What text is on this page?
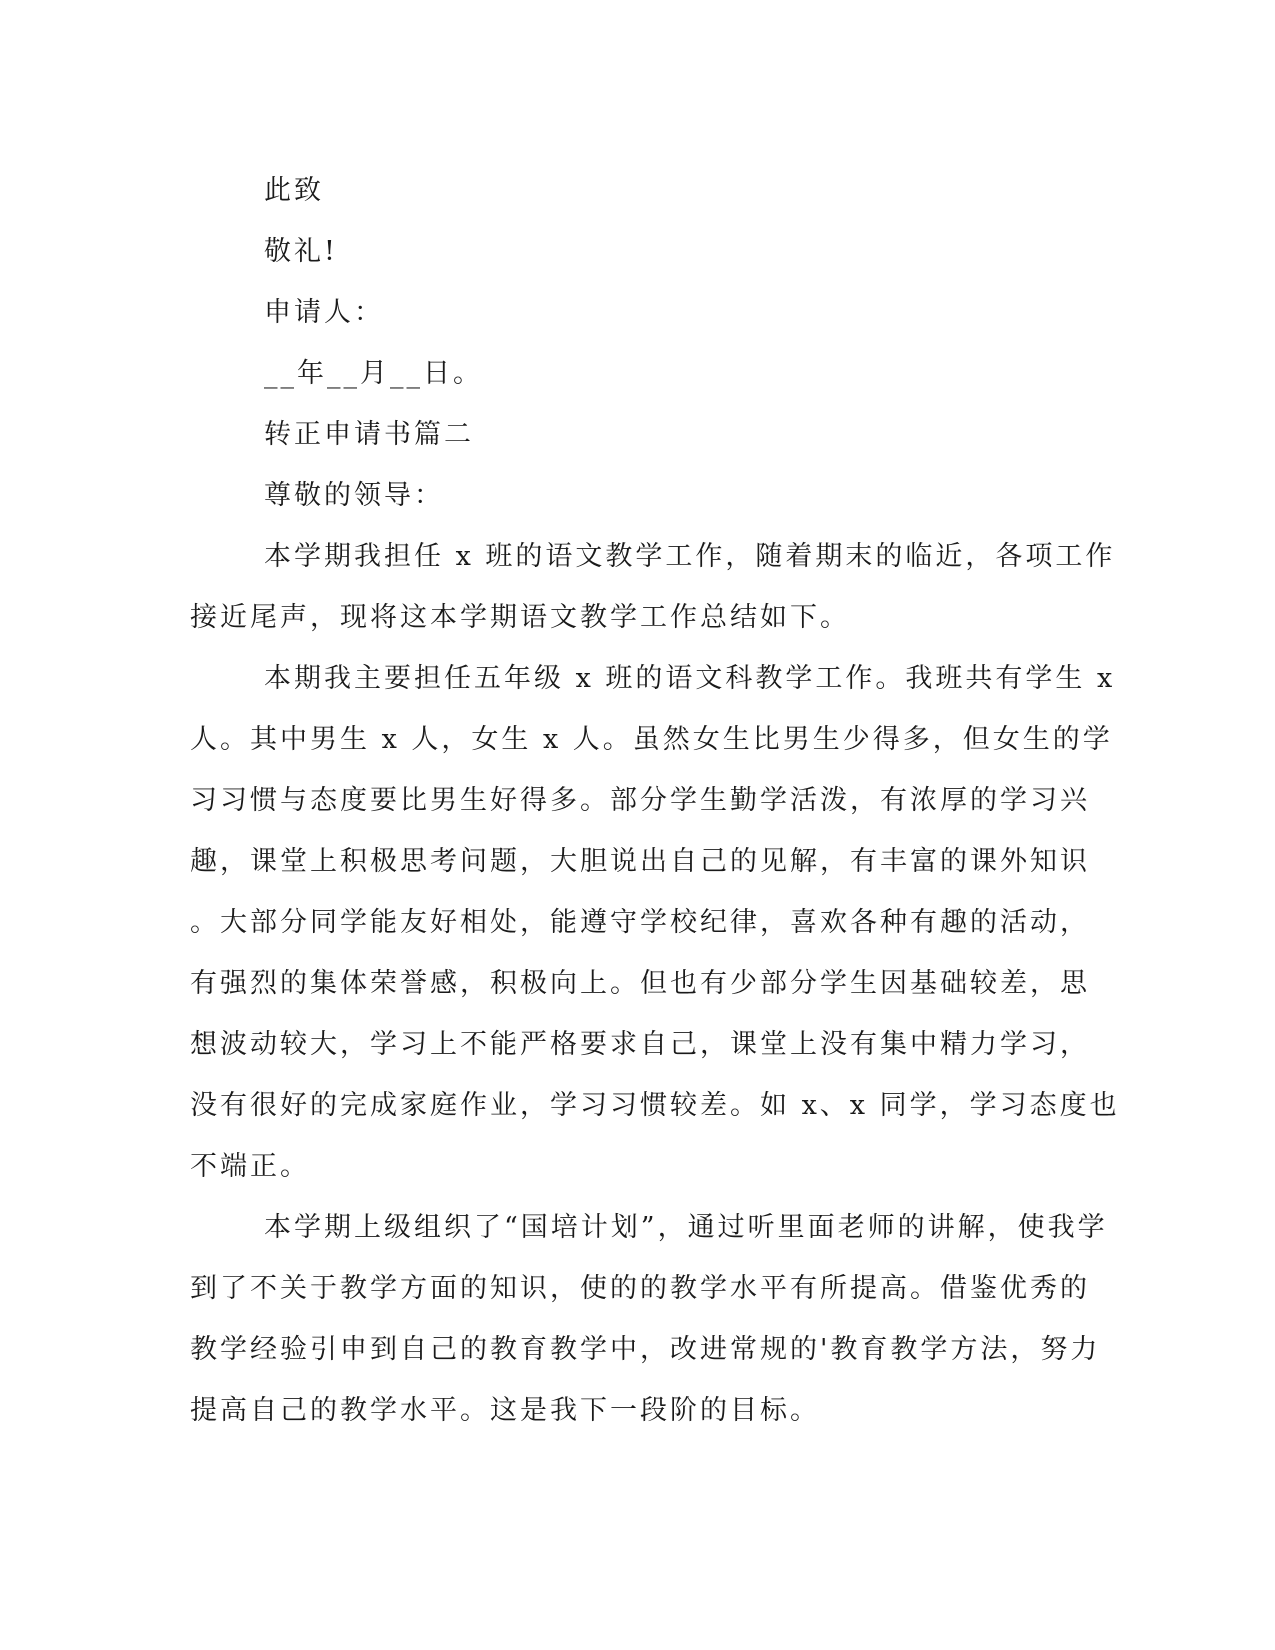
此致
敬礼!
申请人：
__年__月__日。
转正申请书篇二
尊敬的领导：
本学期我担任 x 班的语文教学工作，随着期末的临近，各项工作
接近尾声，现将这本学期语文教学工作总结如下。
本期我主要担任五年级 x 班的语文科教学工作。我班共有学生 x
人。其中男生 x 人，女生 x 人。虽然女生比男生少得多，但女生的学
习习惯与态度要比男生好得多。部分学生勤学活泼，有浓厚的学习兴
趣，课堂上积极思考问题，大胆说出自己的见解，有丰富的课外知识
。大部分同学能友好相处，能遵守学校纪律，喜欢各种有趣的活动，
有强烈的集体荣誉感，积极向上。但也有少部分学生因基础较差，思
想波动较大，学习上不能严格要求自己，课堂上没有集中精力学习，
没有很好的完成家庭作业，学习习惯较差。如 x、x 同学，学习态度也
不端正。
本学期上级组织了“国培计划”，通过听里面老师的讲解，使我学
到了不关于教学方面的知识，使的的教学水平有所提高。借鉴优秀的
教学经验引申到自己的教育教学中，改进常规的'教育教学方法，努力
提高自己的教学水平。这是我下一段阶的目标。
